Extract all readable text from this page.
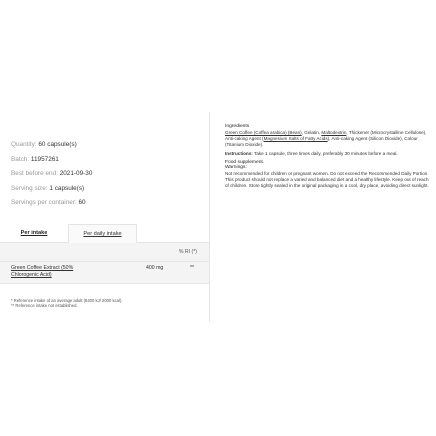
Quantity: 60 capsule(s)
Batch: 11957261
Best before end: 2021-09-30
Serving size: 1 capsule(s)
Servings per container: 60
Per intake	Per daily intake
% RI (*)
Green Coffee Extract (50%
Chlorogenic Acid)
400 mg	**
* Reference intake of an average adult (8400 kJ/ 2000 kcal).
** Reference intake not established.
Ingredients
Green Coffee (Coffea arabica) (Bean), Gelatin, Maltodextrin, Thickener (Microcrystalline Cellulose), Anti-caking Agent (Magnesium Salts of Fatty Acids), Anti-caking Agent (Silicon Dioxide), Colour (Titanium Dioxide).
Instructions: Take 1 capsule, three times daily, preferably 30 minutes before a meal.
Food supplement.
Warnings:
Not recommended for children or pregnant women. Do not exceed the Recommended Daily Portion. This product should not replace a varied and balanced diet and a healthy lifestyle. Keep out of reach of children. Store tightly sealed in the original packaging in a cool, dry place, avoiding direct sunlight.
